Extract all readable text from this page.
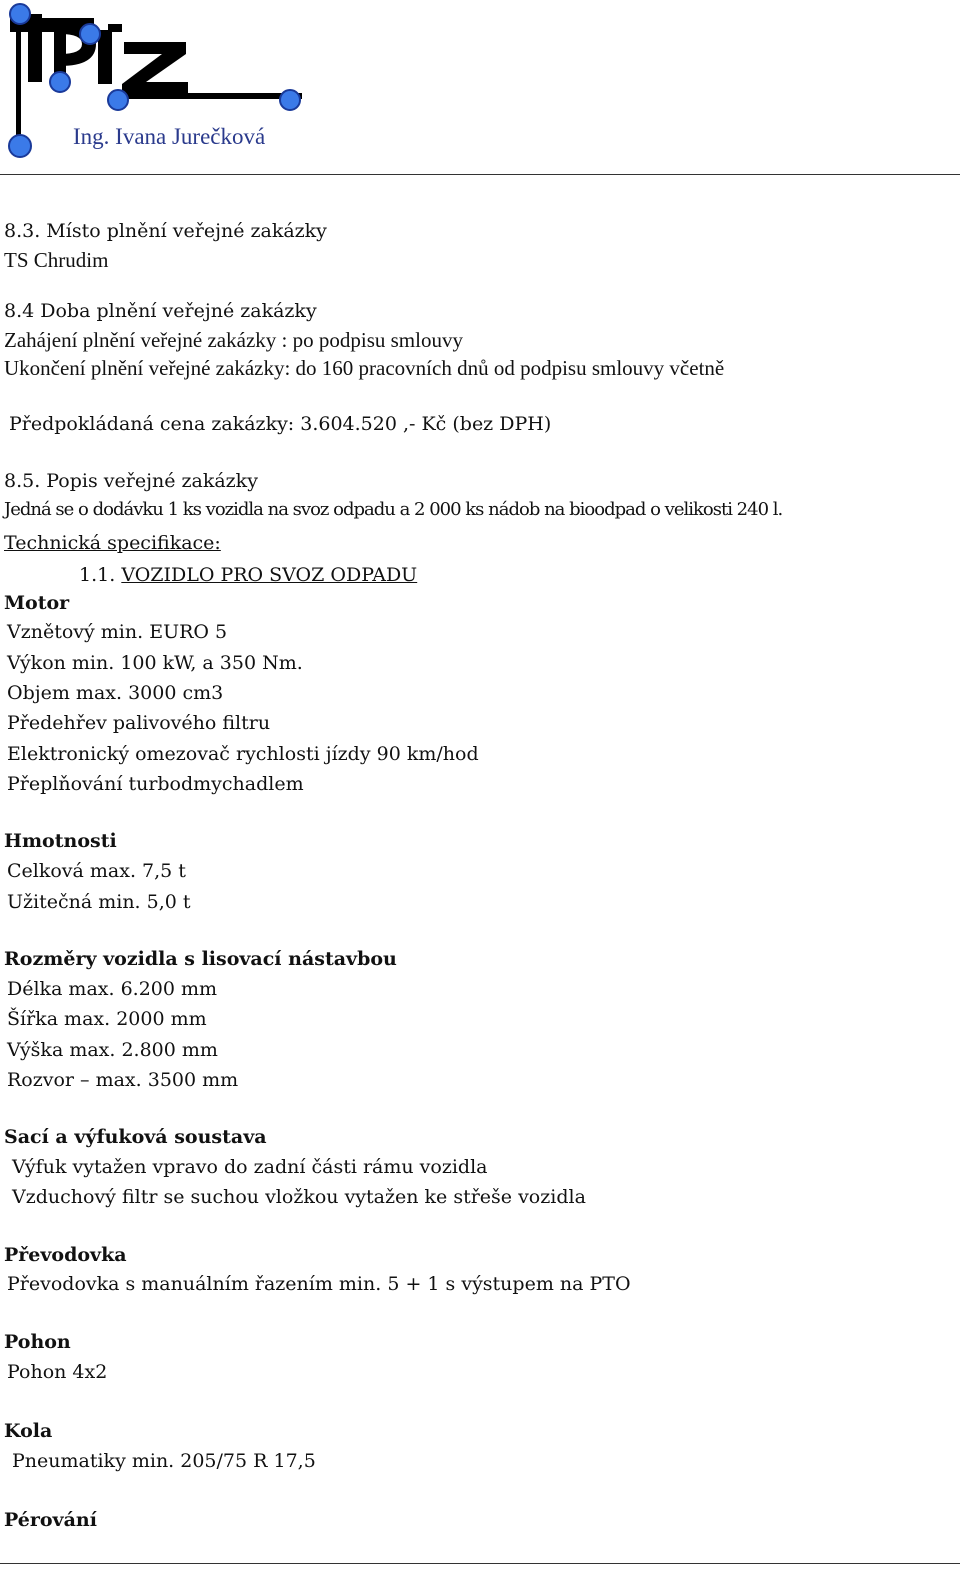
Ing. Ivana Jurečková
8.3. Místo plnění veřejné zakázky
TS Chrudim
8.4 Doba plnění veřejné zakázky
Zahájení plnění veřejné zakázky : po podpisu smlouvy
Ukončení plnění veřejné zakázky: do 160 pracovních dnů od podpisu smlouvy včetně
Předpokládaná cena zakázky: 3.604.520 ,- Kč (bez DPH)
8.5. Popis veřejné zakázky
Jedná se o dodávku 1 ks vozidla na svoz odpadu a 2 000 ks nádob na bioodpad o velikosti 240 l.
Technická specifikace:
1.1. VOZIDLO PRO SVOZ ODPADU
Motor
Vznětový min. EURO 5
Výkon min. 100 kW, a 350 Nm.
Objem max. 3000 cm3
Předehřev palivového filtru
Elektronický omezovač rychlosti jízdy 90 km/hod
Přeplňování turbodmychadlem
Hmotnosti
Celková max. 7,5 t
Užitečná min. 5,0 t
Rozměry vozidla s lisovací nástavbou
Délka max. 6.200 mm
Šířka max. 2000 mm
Výška max. 2.800 mm
Rozvor – max. 3500 mm
Sací a výfuková soustava
Výfuk vytažen vpravo do zadní části rámu vozidla
Vzduchový filtr se suchou vložkou vytažen ke střeše vozidla
Převodovka
Převodovka s manuálním řazením min. 5 + 1 s výstupem na PTO
Pohon
Pohon 4x2
Kola
Pneumatiky min. 205/75 R 17,5
Pérování
